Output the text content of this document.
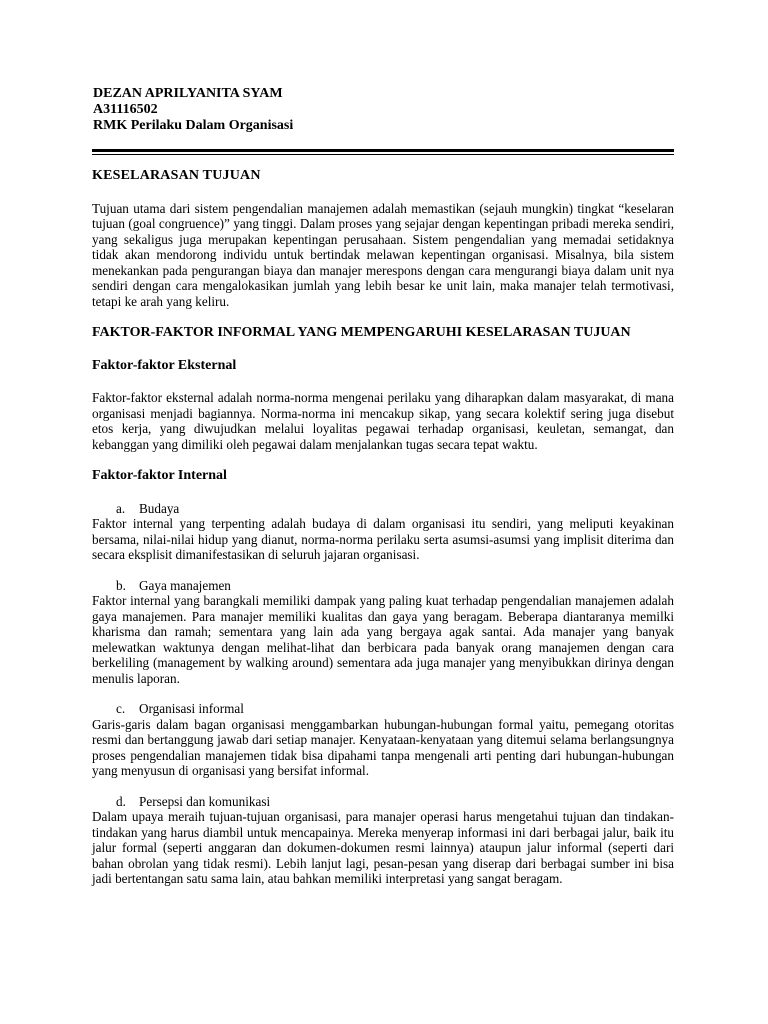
DEZAN APRILYANITA SYAM
A31116502
RMK Perilaku Dalam Organisasi
KESELARASAN TUJUAN

Tujuan utama dari sistem pengendalian manajemen adalah memastikan (sejauh mungkin) tingkat “keselaran tujuan (goal congruence)” yang tinggi. Dalam proses yang sejajar dengan kepentingan pribadi mereka sendiri, yang sekaligus juga merupakan kepentingan perusahaan. Sistem pengendalian yang memadai setidaknya tidak akan mendorong individu untuk bertindak melawan kepentingan organisasi. Misalnya, bila sistem menekankan pada pengurangan biaya dan manajer merespons dengan cara mengurangi biaya dalam unit nya sendiri dengan cara mengalokasikan jumlah yang lebih besar ke unit lain, maka manajer telah termotivasi, tetapi ke arah yang keliru.

FAKTOR-FAKTOR INFORMAL YANG MEMPENGARUHI KESELARASAN TUJUAN
Faktor-faktor Eksternal

Faktor-faktor eksternal adalah norma-norma mengenai perilaku yang diharapkan dalam masyarakat, di mana organisasi menjadi bagiannya. Norma-norma ini mencakup sikap, yang secara kolektif sering juga disebut etos kerja, yang diwujudkan melalui loyalitas pegawai terhadap organisasi, keuletan, semangat, dan kebanggan yang dimiliki oleh pegawai dalam menjalankan tugas secara tepat waktu.

Faktor-faktor Internal
a.	Budaya

Faktor internal yang terpenting adalah budaya di dalam organisasi itu sendiri, yang meliputi keyakinan bersama, nilai-nilai hidup yang dianut, norma-norma perilaku serta asumsi-asumsi yang implisit diterima dan secara eksplisit dimanifestasikan di seluruh jajaran organisasi.

b. Gaya manajemen

Faktor internal yang barangkali memiliki dampak yang paling kuat terhadap pengendalian manajemen adalah gaya manajemen. Para manajer memiliki kualitas dan gaya yang beragam. Beberapa diantaranya memilki kharisma dan ramah; sementara yang lain ada yang bergaya agak santai. Ada manajer yang banyak melewatkan waktunya dengan melihat-lihat dan berbicara pada banyak orang manajemen dengan cara berkeliling (management by walking around) sementara ada juga manajer yang menyibukkan dirinya dengan menulis laporan.

c.	Organisasi informal

Garis-garis dalam bagan organisasi menggambarkan hubungan-hubungan formal yaitu, pemegang otoritas resmi dan bertanggung jawab dari setiap manajer. Kenyataan-kenyataan yang ditemui selama berlangsungnya proses pengendalian manajemen tidak bisa dipahami tanpa mengenali arti penting dari hubungan-hubungan yang menyusun di organisasi yang bersifat informal.

d. Persepsi dan komunikasi

Dalam upaya meraih tujuan-tujuan organisasi, para manajer operasi harus mengetahui tujuan dan tindakan-tindakan yang harus diambil untuk mencapainya. Mereka menyerap informasi ini dari berbagai jalur, baik itu jalur formal (seperti anggaran dan dokumen-dokumen resmi lainnya) ataupun jalur informal (seperti dari bahan obrolan yang tidak resmi). Lebih lanjut lagi, pesan-pesan yang diserap dari berbagai sumber ini bisa jadi bertentangan satu sama lain, atau bahkan memiliki interpretasi yang sangat beragam.
